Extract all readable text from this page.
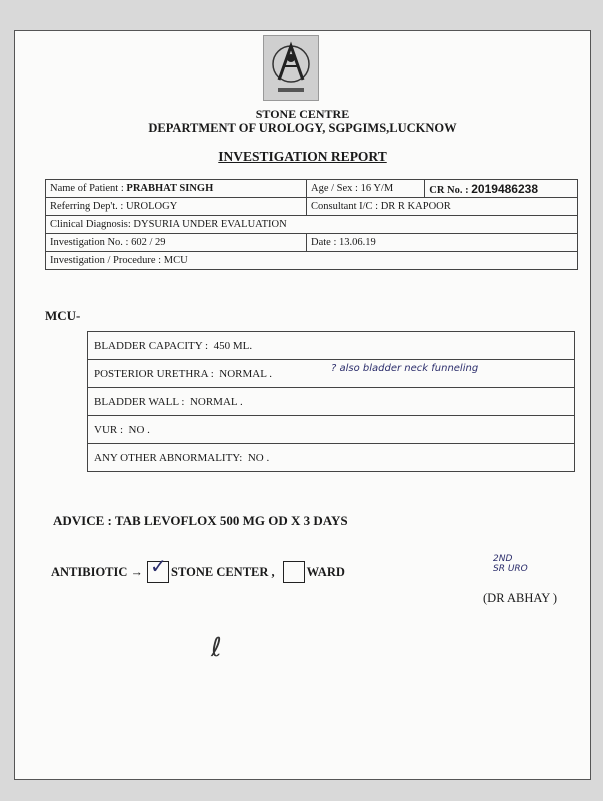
STONE CENTRE
DEPARTMENT OF UROLOGY, SGPGIMS,LUCKNOW
INVESTIGATION REPORT
Name of Patient : PRABHAT SINGH	Age / Sex : 16 Y/M	CR No. : 2019486238
Referring Dep't. : UROLOGY	Consultant I/C : DR R KAPOOR	
Clinical Diagnosis: DYSURIA UNDER EVALUATION		
Investigation No. : 602 / 29	Date : 13.06.19	
Investigation / Procedure : MCU		
MCU-
BLADDER CAPACITY : 450 ML.
POSTERIOR URETHRA : NORMAL .
BLADDER WALL : NORMAL .
VUR : NO .
ANY OTHER ABNORMALITY: NO .
? also bladder neck funneling
ADVICE : TAB LEVOFLOX 500 MG OD X 3 DAYS
ANTIBIOTIC → ✓ STONE CENTER ,	WARD
2ND
SR URO
(DR ABHAY )
ℓ
